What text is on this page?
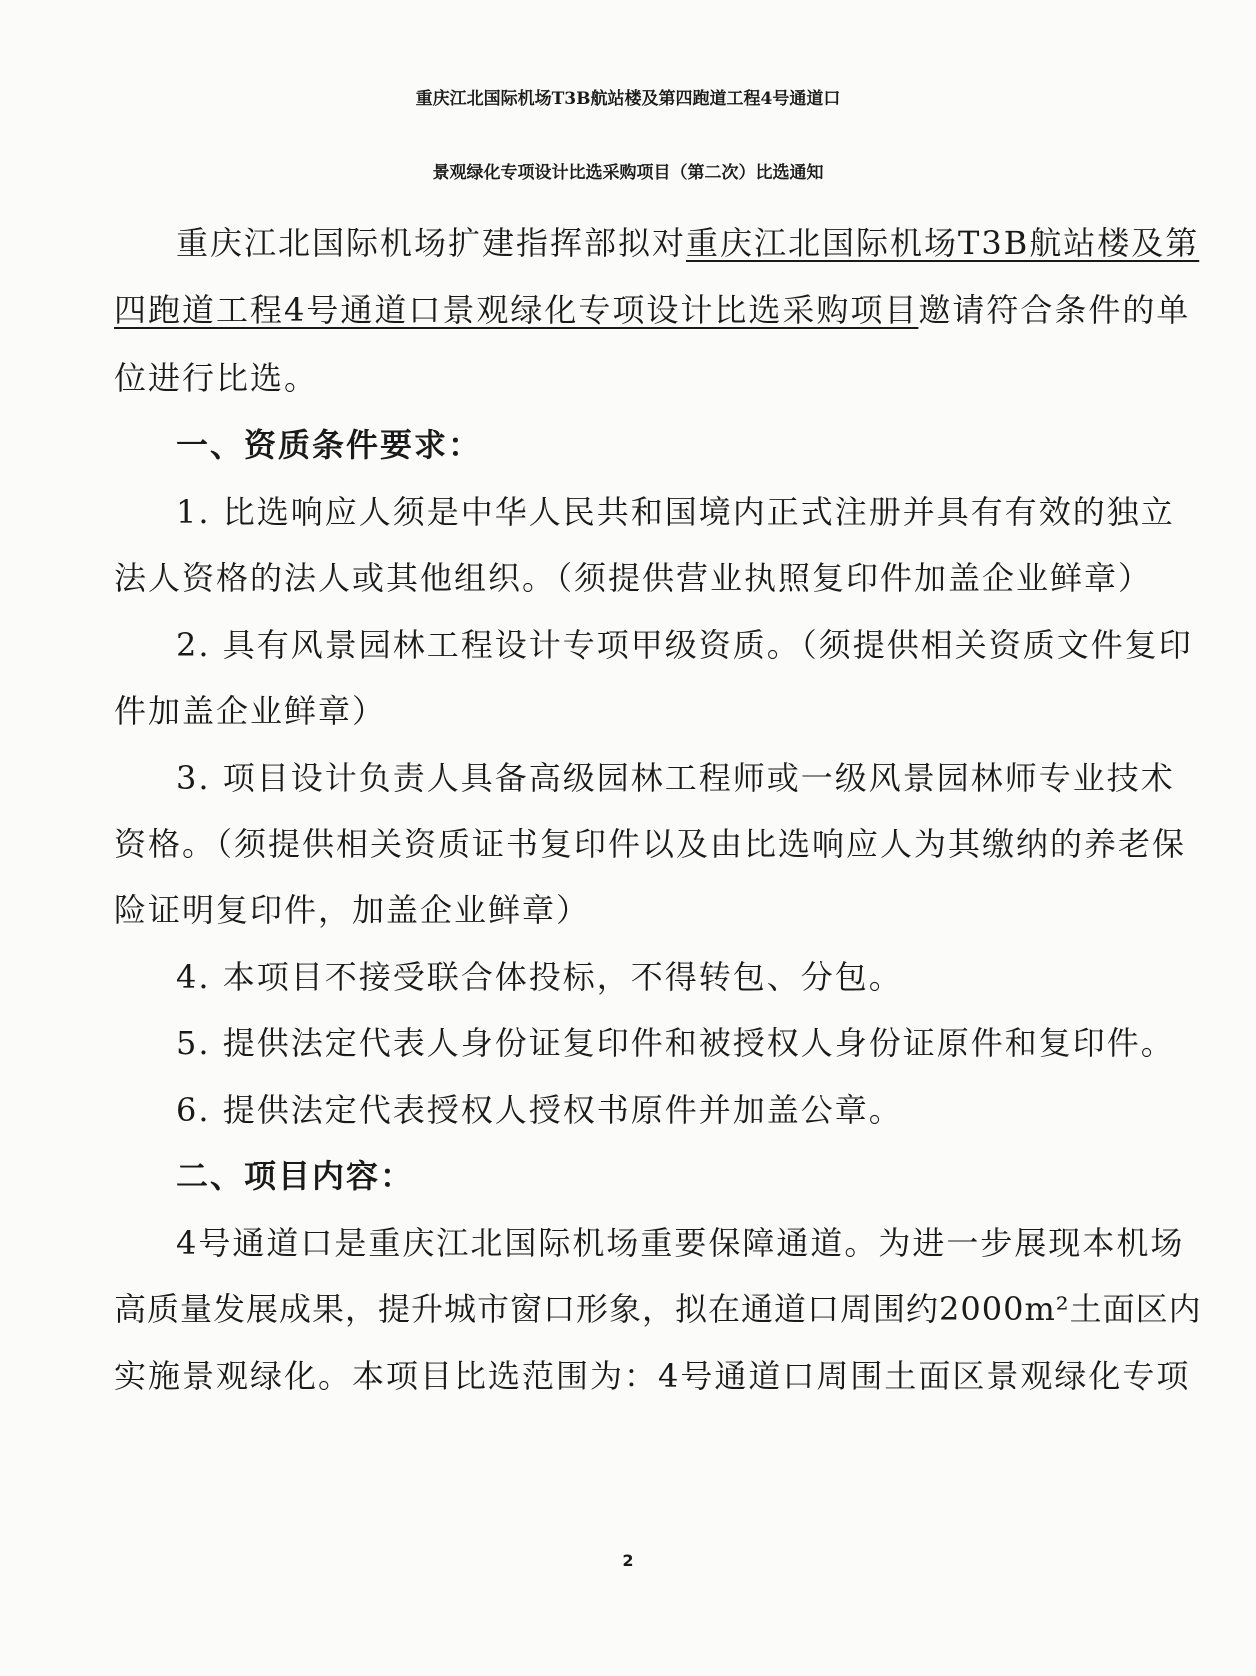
重庆江北国际机场T3B航站楼及第四跑道工程4号通道口
景观绿化专项设计比选采购项目（第二次）比选通知
重庆江北国际机场扩建指挥部拟对重庆江北国际机场T3B航站楼及第
四跑道工程4号通道口景观绿化专项设计比选采购项目邀请符合条件的单
位进行比选。
一、资质条件要求：
1. 比选响应人须是中华人民共和国境内正式注册并具有有效的独立
法人资格的法人或其他组织。（须提供营业执照复印件加盖企业鲜章）
2. 具有风景园林工程设计专项甲级资质。（须提供相关资质文件复印
件加盖企业鲜章）
3. 项目设计负责人具备高级园林工程师或一级风景园林师专业技术
资格。（须提供相关资质证书复印件以及由比选响应人为其缴纳的养老保
险证明复印件，加盖企业鲜章）
4. 本项目不接受联合体投标，不得转包、分包。
5. 提供法定代表人身份证复印件和被授权人身份证原件和复印件。
6. 提供法定代表授权人授权书原件并加盖公章。
二、项目内容：
4号通道口是重庆江北国际机场重要保障通道。为进一步展现本机场
高质量发展成果，提升城市窗口形象，拟在通道口周围约2000m²土面区内
实施景观绿化。本项目比选范围为：4号通道口周围土面区景观绿化专项
2
